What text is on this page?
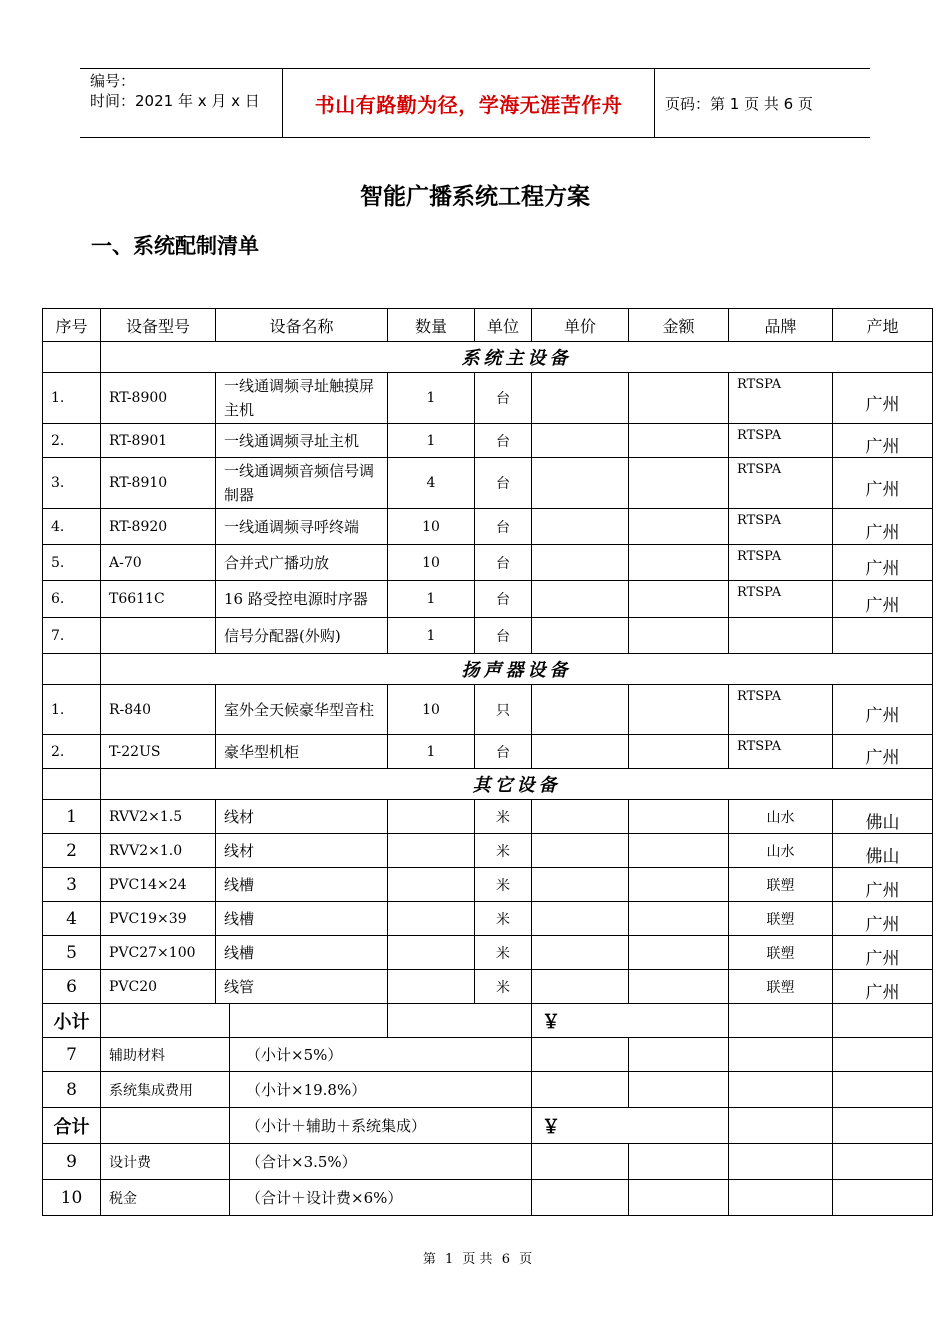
编号：
时间：2021 年 x 月 x 日	书山有路勤为径，学海无涯苦作舟	页码：第 1 页 共 6 页
智能广播系统工程方案
一、系统配制清单
序号	设备型号	设备名称		数量	单位	单价	金额	品牌	产地
	系统主设备								
1.	RT-8900	一线通调频寻址触摸屏主机		1	台			RTSPA	广州
2.	RT-8901	一线通调频寻址主机		1	台			RTSPA	广州
3.	RT-8910	一线通调频音频信号调制器		4	台			RTSPA	广州
4.	RT-8920	一线通调频寻呼终端		10	台			RTSPA	广州
5.	A-70	合并式广播功放		10	台			RTSPA	广州
6.	T6611C	16 路受控电源时序器		1	台			RTSPA	广州
7.		信号分配器(外购)		1	台				
	扬声器设备								
1.	R-840	室外全天候豪华型音柱		10	只			RTSPA	广州
2.	T-22US	豪华型机柜		1	台			RTSPA	广州
	其它设备								
1	RVV2×1.5	线材			米			山水	佛山
2	RVV2×1.0	线材			米			山水	佛山
3	PVC14×24	线槽			米			联塑	广州
4	PVC19×39	线槽			米			联塑	广州
5	PVC27×100	线槽			米			联塑	广州
6	PVC20	线管			米			联塑	广州
小计						￥			
7	辅助材料		（小计×5%）						
8	系统集成费用		（小计×19.8%）						
合计			（小计＋辅助＋系统集成）			￥			
9	设计费		（合计×3.5%）						
10	税金		（合计＋设计费×6%）						
第 1 页 共 6 页
